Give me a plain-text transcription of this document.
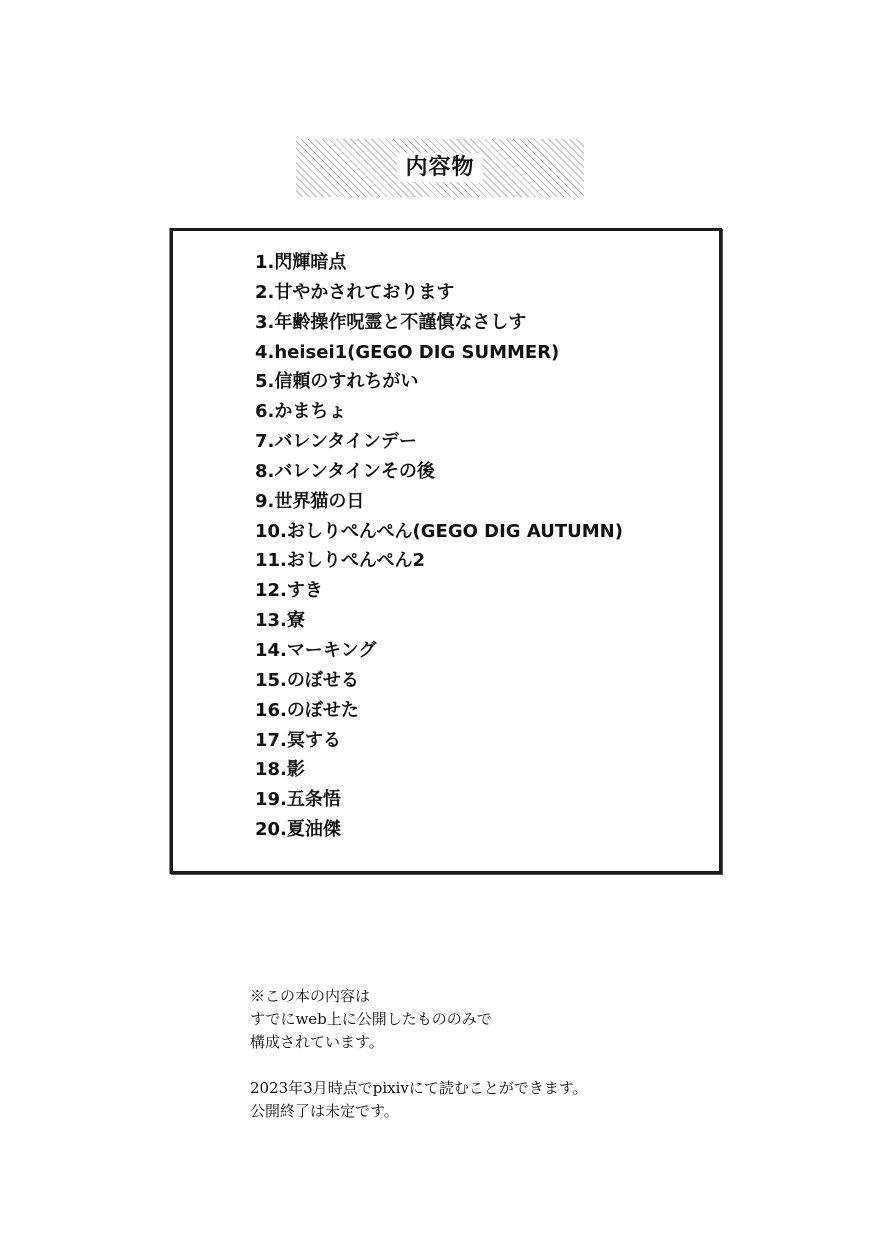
内容物
1.閃輝暗点
2.甘やかされております
3.年齢操作呪霊と不謹慎なさしす
4.heisei1(GEGO DIG SUMMER)
5.信頼のすれちがい
6.かまちょ
7.バレンタインデー
8.バレンタインその後
9.世界猫の日
10.おしりぺんぺん(GEGO DIG AUTUMN)
11.おしりぺんぺん2
12.すき
13.寮
14.マーキング
15.のぼせる
16.のぼせた
17.冥する
18.影
19.五条悟
20.夏油傑

※この本の内容は

すでにweb上に公開したもののみで

構成されています。

2023年3月時点でpixivにて読むことができます。

公開終了は未定です。
